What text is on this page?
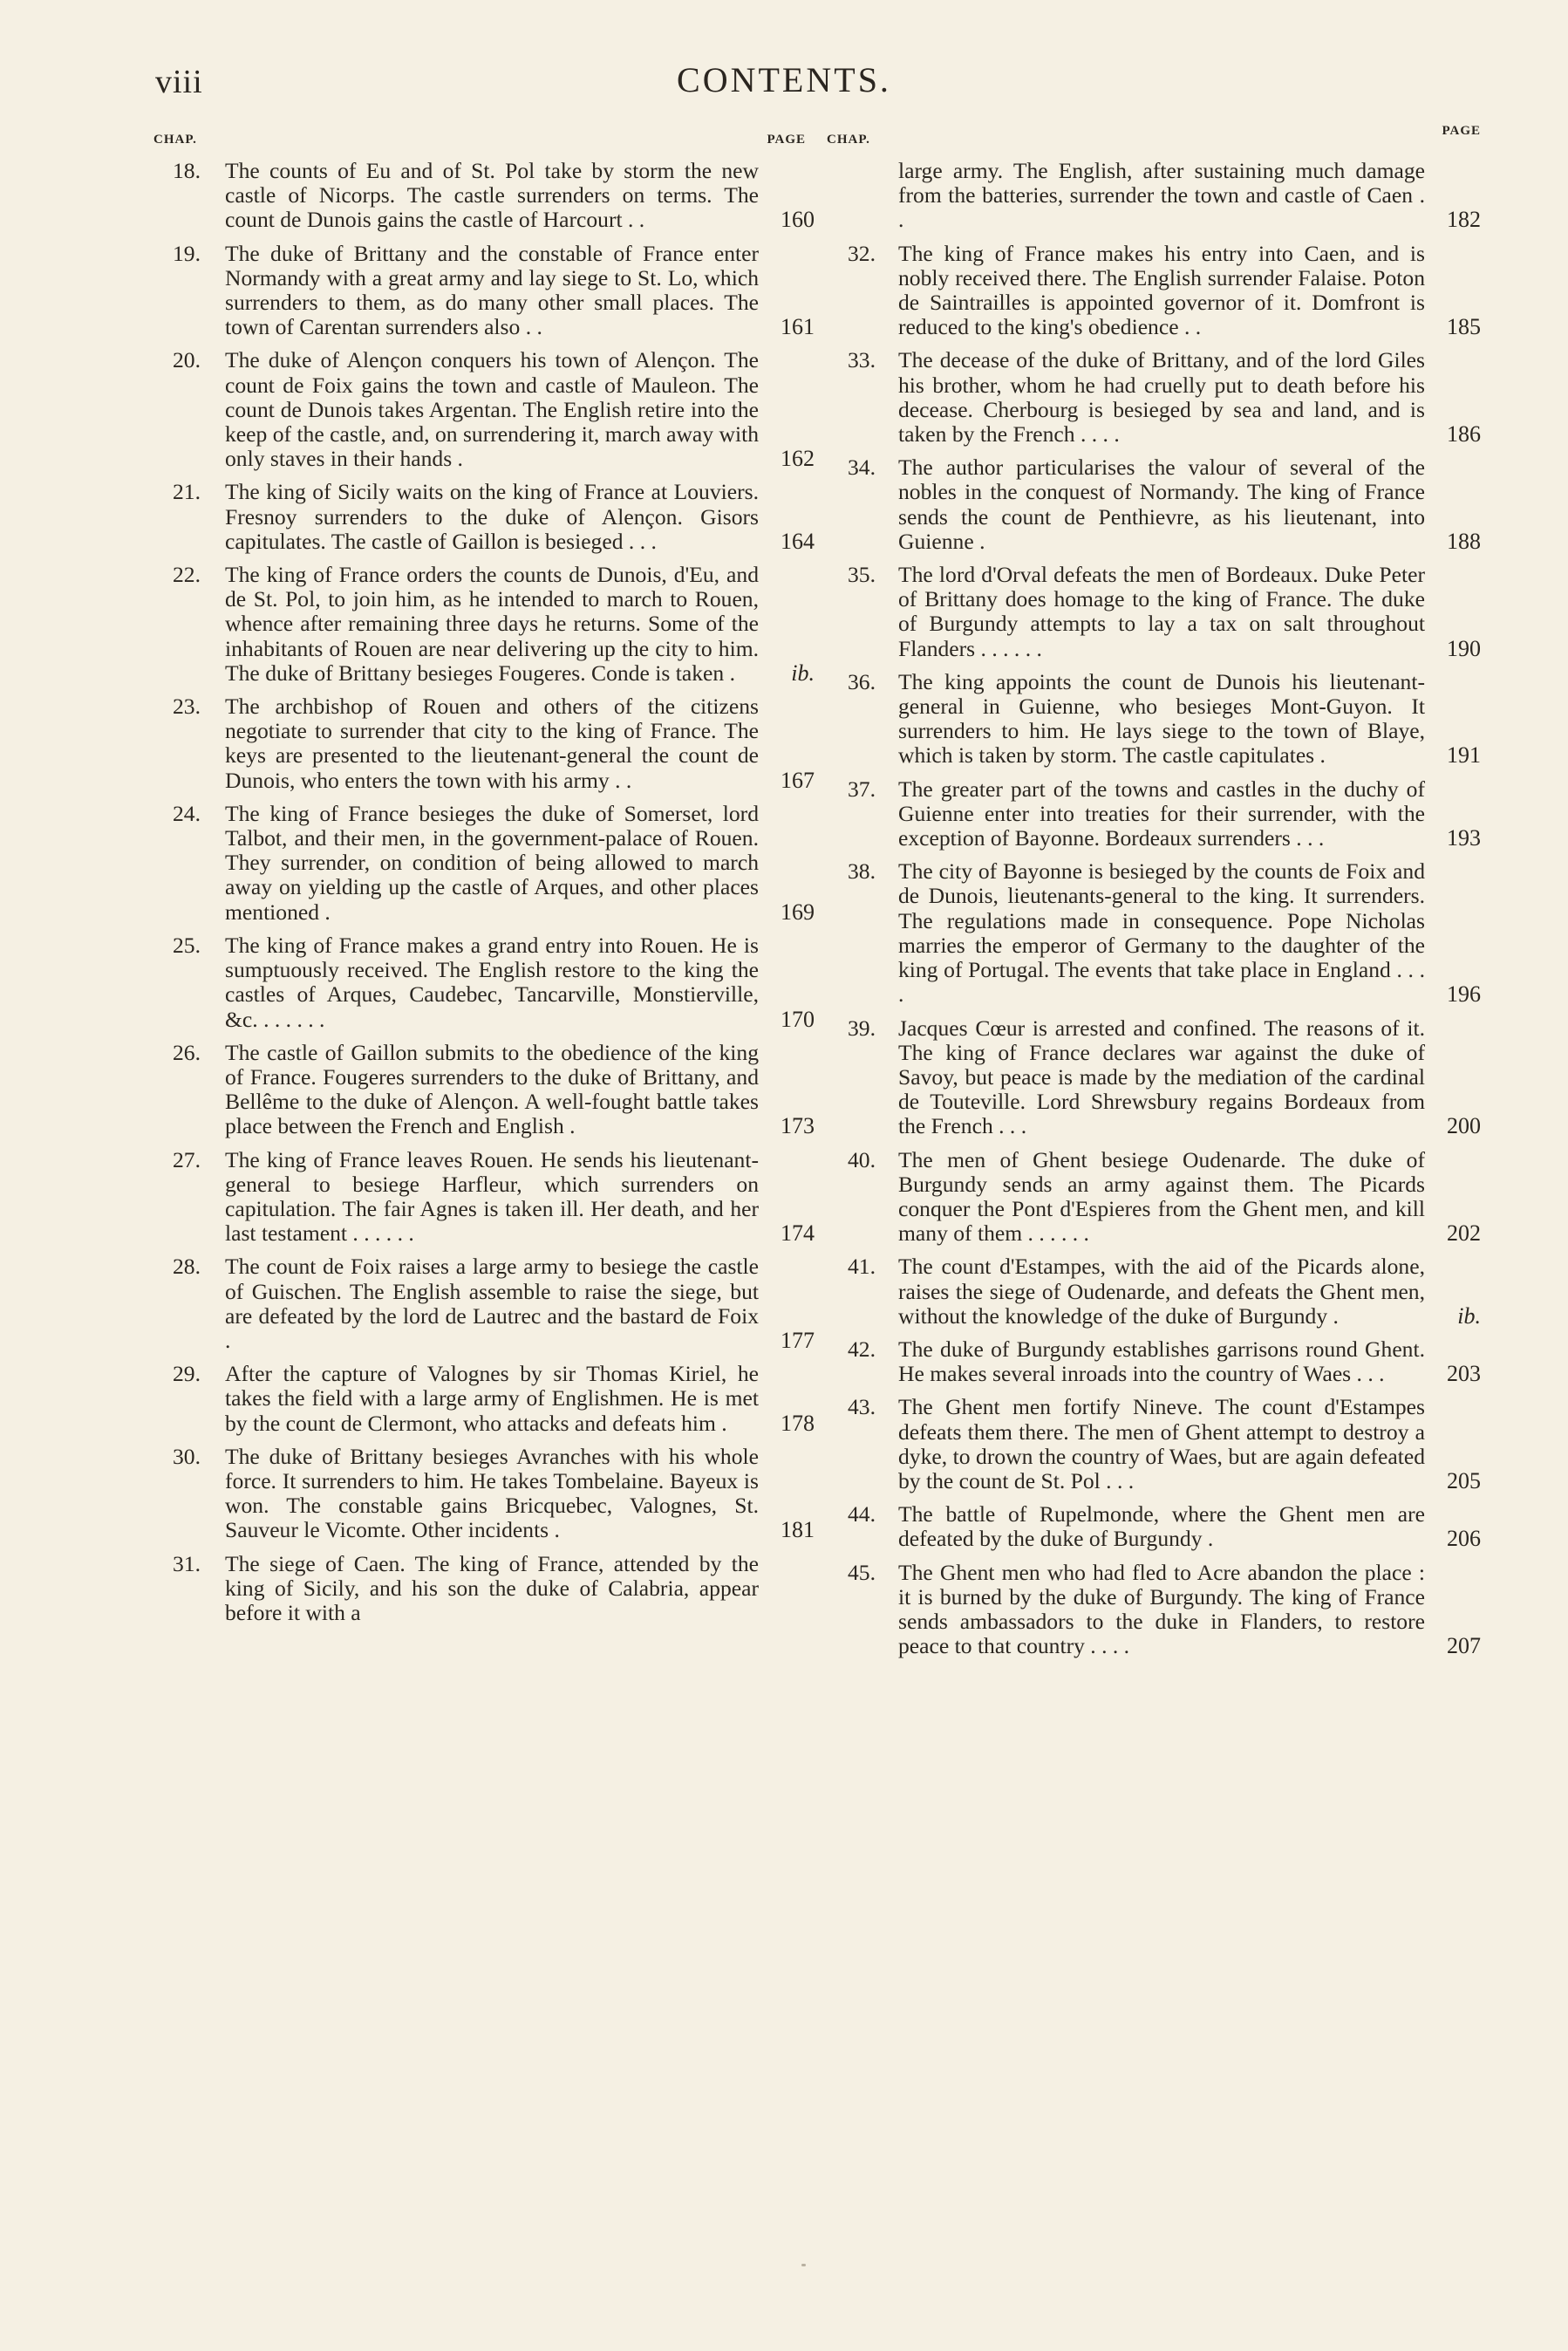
viii	CONTENTS.
CHAP.	PAGE
18. The counts of Eu and of St. Pol take by storm the new castle of Nicorps. The castle surrenders on terms. The count de Dunois gains the castle of Harcourt . .	160
19. The duke of Brittany and the constable of France enter Normandy with a great army and lay siege to St. Lo, which surrenders to them, as do many other small places. The town of Carentan surrenders also . .	161
20. The duke of Alençon conquers his town of Alençon. The count de Foix gains the town and castle of Mauleon. The count de Dunois takes Argentan. The English retire into the keep of the castle, and, on surrendering it, march away with only staves in their hands .	162
21. The king of Sicily waits on the king of France at Louviers. Fresnoy surrenders to the duke of Alençon. Gisors capitulates. The castle of Gaillon is besieged . . .	164
22. The king of France orders the counts de Dunois, d'Eu, and de St. Pol, to join him, as he intended to march to Rouen, whence after remaining three days he returns. Some of the inhabitants of Rouen are near delivering up the city to him. The duke of Brittany besieges Fougeres. Conde is taken . ib.
23. The archbishop of Rouen and others of the citizens negotiate to surrender that city to the king of France. The keys are presented to the lieutenant-general the count de Dunois, who enters the town with his army . .	167
24. The king of France besieges the duke of Somerset, lord Talbot, and their men, in the government-palace of Rouen. They surrender, on condition of being allowed to march away on yielding up the castle of Arques, and other places mentioned .	169
25. The king of France makes a grand entry into Rouen. He is sumptuously received. The English restore to the king the castles of Arques, Caudebec, Tancarville, Monstierville, &c. . . . . . .	170
26. The castle of Gaillon submits to the obedience of the king of France. Fougeres surrenders to the duke of Brittany, and Bellême to the duke of Alençon. A well-fought battle takes place between the French and English .	173
27. The king of France leaves Rouen. He sends his lieutenant-general to besiege Harfleur, which surrenders on capitulation. The fair Agnes is taken ill. Her death, and her last testament . . . . . .	174
28. The count de Foix raises a large army to besiege the castle of Guischen. The English assemble to raise the siege, but are defeated by the lord de Lautrec and the bastard de Foix .	177
29. After the capture of Valognes by sir Thomas Kiriel, he takes the field with a large army of Englishmen. He is met by the count de Clermont, who attacks and defeats him . 178
30. The duke of Brittany besieges Avranches with his whole force. It surrenders to him. He takes Tombelaine. Bayeux is won. The constable gains Bricquebec, Valognes, St. Sauveur le Vicomte. Other incidents .	181
31. The siege of Caen. The king of France, attended by the king of Sicily, and his son the duke of Calabria, appear before it with a
CHAP.
PAGE
large army. The English, after sustaining much damage from the batteries, surrender the town and castle of Caen . .	182
32. The king of France makes his entry into Caen, and is nobly received there. The English surrender Falaise. Poton de Saintrailles is appointed governor of it. Domfront is reduced to the king's obedience . .	185
33. The decease of the duke of Brittany, and of the lord Giles his brother, whom he had cruelly put to death before his decease. Cherbourg is besieged by sea and land, and is taken by the French . . . .	186
34. The author particularises the valour of several of the nobles in the conquest of Normandy. The king of France sends the count de Penthievre, as his lieutenant, into Guienne .	188
35. The lord d'Orval defeats the men of Bordeaux. Duke Peter of Brittany does homage to the king of France. The duke of Burgundy attempts to lay a tax on salt throughout Flanders . . . . . .	190
36. The king appoints the count de Dunois his lieutenant-general in Guienne, who besieges Mont-Guyon. It surrenders to him. He lays siege to the town of Blaye, which is taken by storm. The castle capitulates .	191
37. The greater part of the towns and castles in the duchy of Guienne enter into treaties for their surrender, with the exception of Bayonne. Bordeaux surrenders . . .	193
38. The city of Bayonne is besieged by the counts de Foix and de Dunois, lieutenants-general to the king. It surrenders. The regulations made in consequence. Pope Nicholas marries the emperor of Germany to the daughter of the king of Portugal. The events that take place in England . . . .	196
39. Jacques Cœur is arrested and confined. The reasons of it. The king of France declares war against the duke of Savoy, but peace is made by the mediation of the cardinal de Touteville. Lord Shrewsbury regains Bordeaux from the French . . .	200
40. The men of Ghent besiege Oudenarde. The duke of Burgundy sends an army against them. The Picards conquer the Pont d'Espieres from the Ghent men, and kill many of them . . . . . .	202
41. The count d'Estampes, with the aid of the Picards alone, raises the siege of Oudenarde, and defeats the Ghent men, without the knowledge of the duke of Burgundy .	ib.
42. The duke of Burgundy establishes garrisons round Ghent. He makes several inroads into the country of Waes . . .	203
43. The Ghent men fortify Nineve. The count d'Estampes defeats them there. The men of Ghent attempt to destroy a dyke, to drown the country of Waes, but are again defeated by the count de St. Pol . . .	205
44. The battle of Rupelmonde, where the Ghent men are defeated by the duke of Burgundy .	206
45. The Ghent men who had fled to Acre abandon the place : it is burned by the duke of Burgundy. The king of France sends ambassadors to the duke in Flanders, to restore peace to that country . . . .	207
